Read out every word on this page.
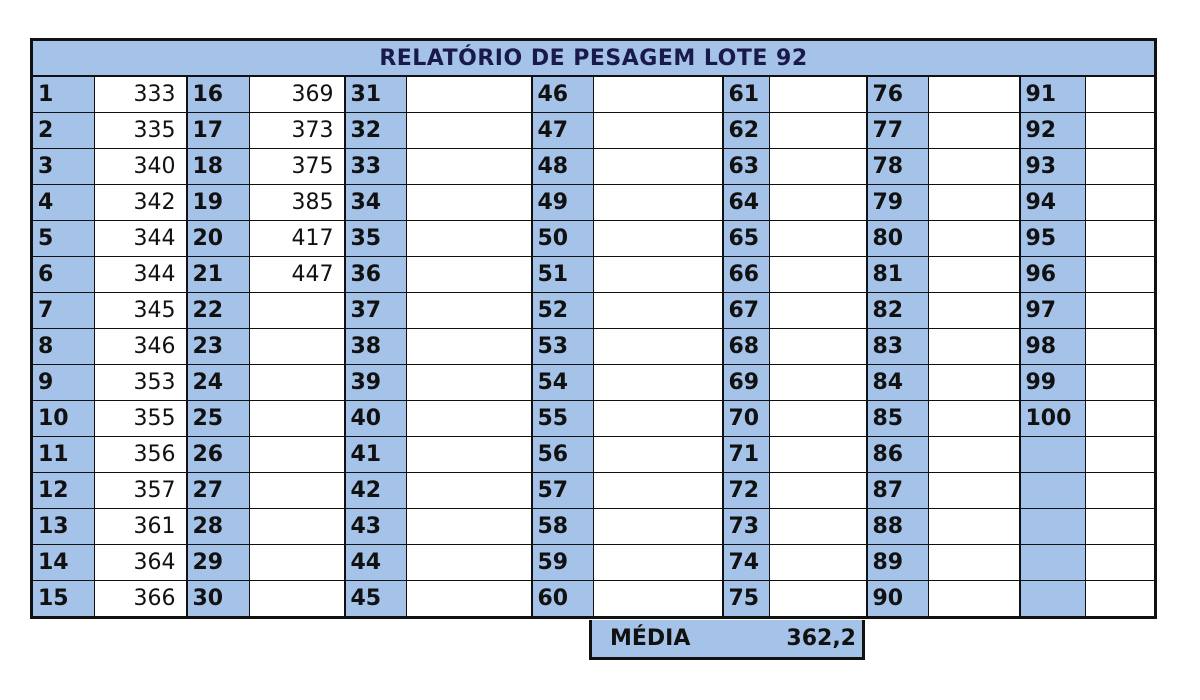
RELATÓRIO DE PESAGEM LOTE 92													
1	333	16	369	31		46		61		76		91	
2	335	17	373	32		47		62		77		92	
3	340	18	375	33		48		63		78		93	
4	342	19	385	34		49		64		79		94	
5	344	20	417	35		50		65		80		95	
6	344	21	447	36		51		66		81		96	
7	345	22		37		52		67		82		97	
8	346	23		38		53		68		83		98	
9	353	24		39		54		69		84		99	
10	355	25		40		55		70		85		100	
11	356	26		41		56		71		86			
12	357	27		42		57		72		87			
13	361	28		43		58		73		88			
14	364	29		44		59		74		89			
15	366	30		45		60		75		90			
MÉDIA	362,2
